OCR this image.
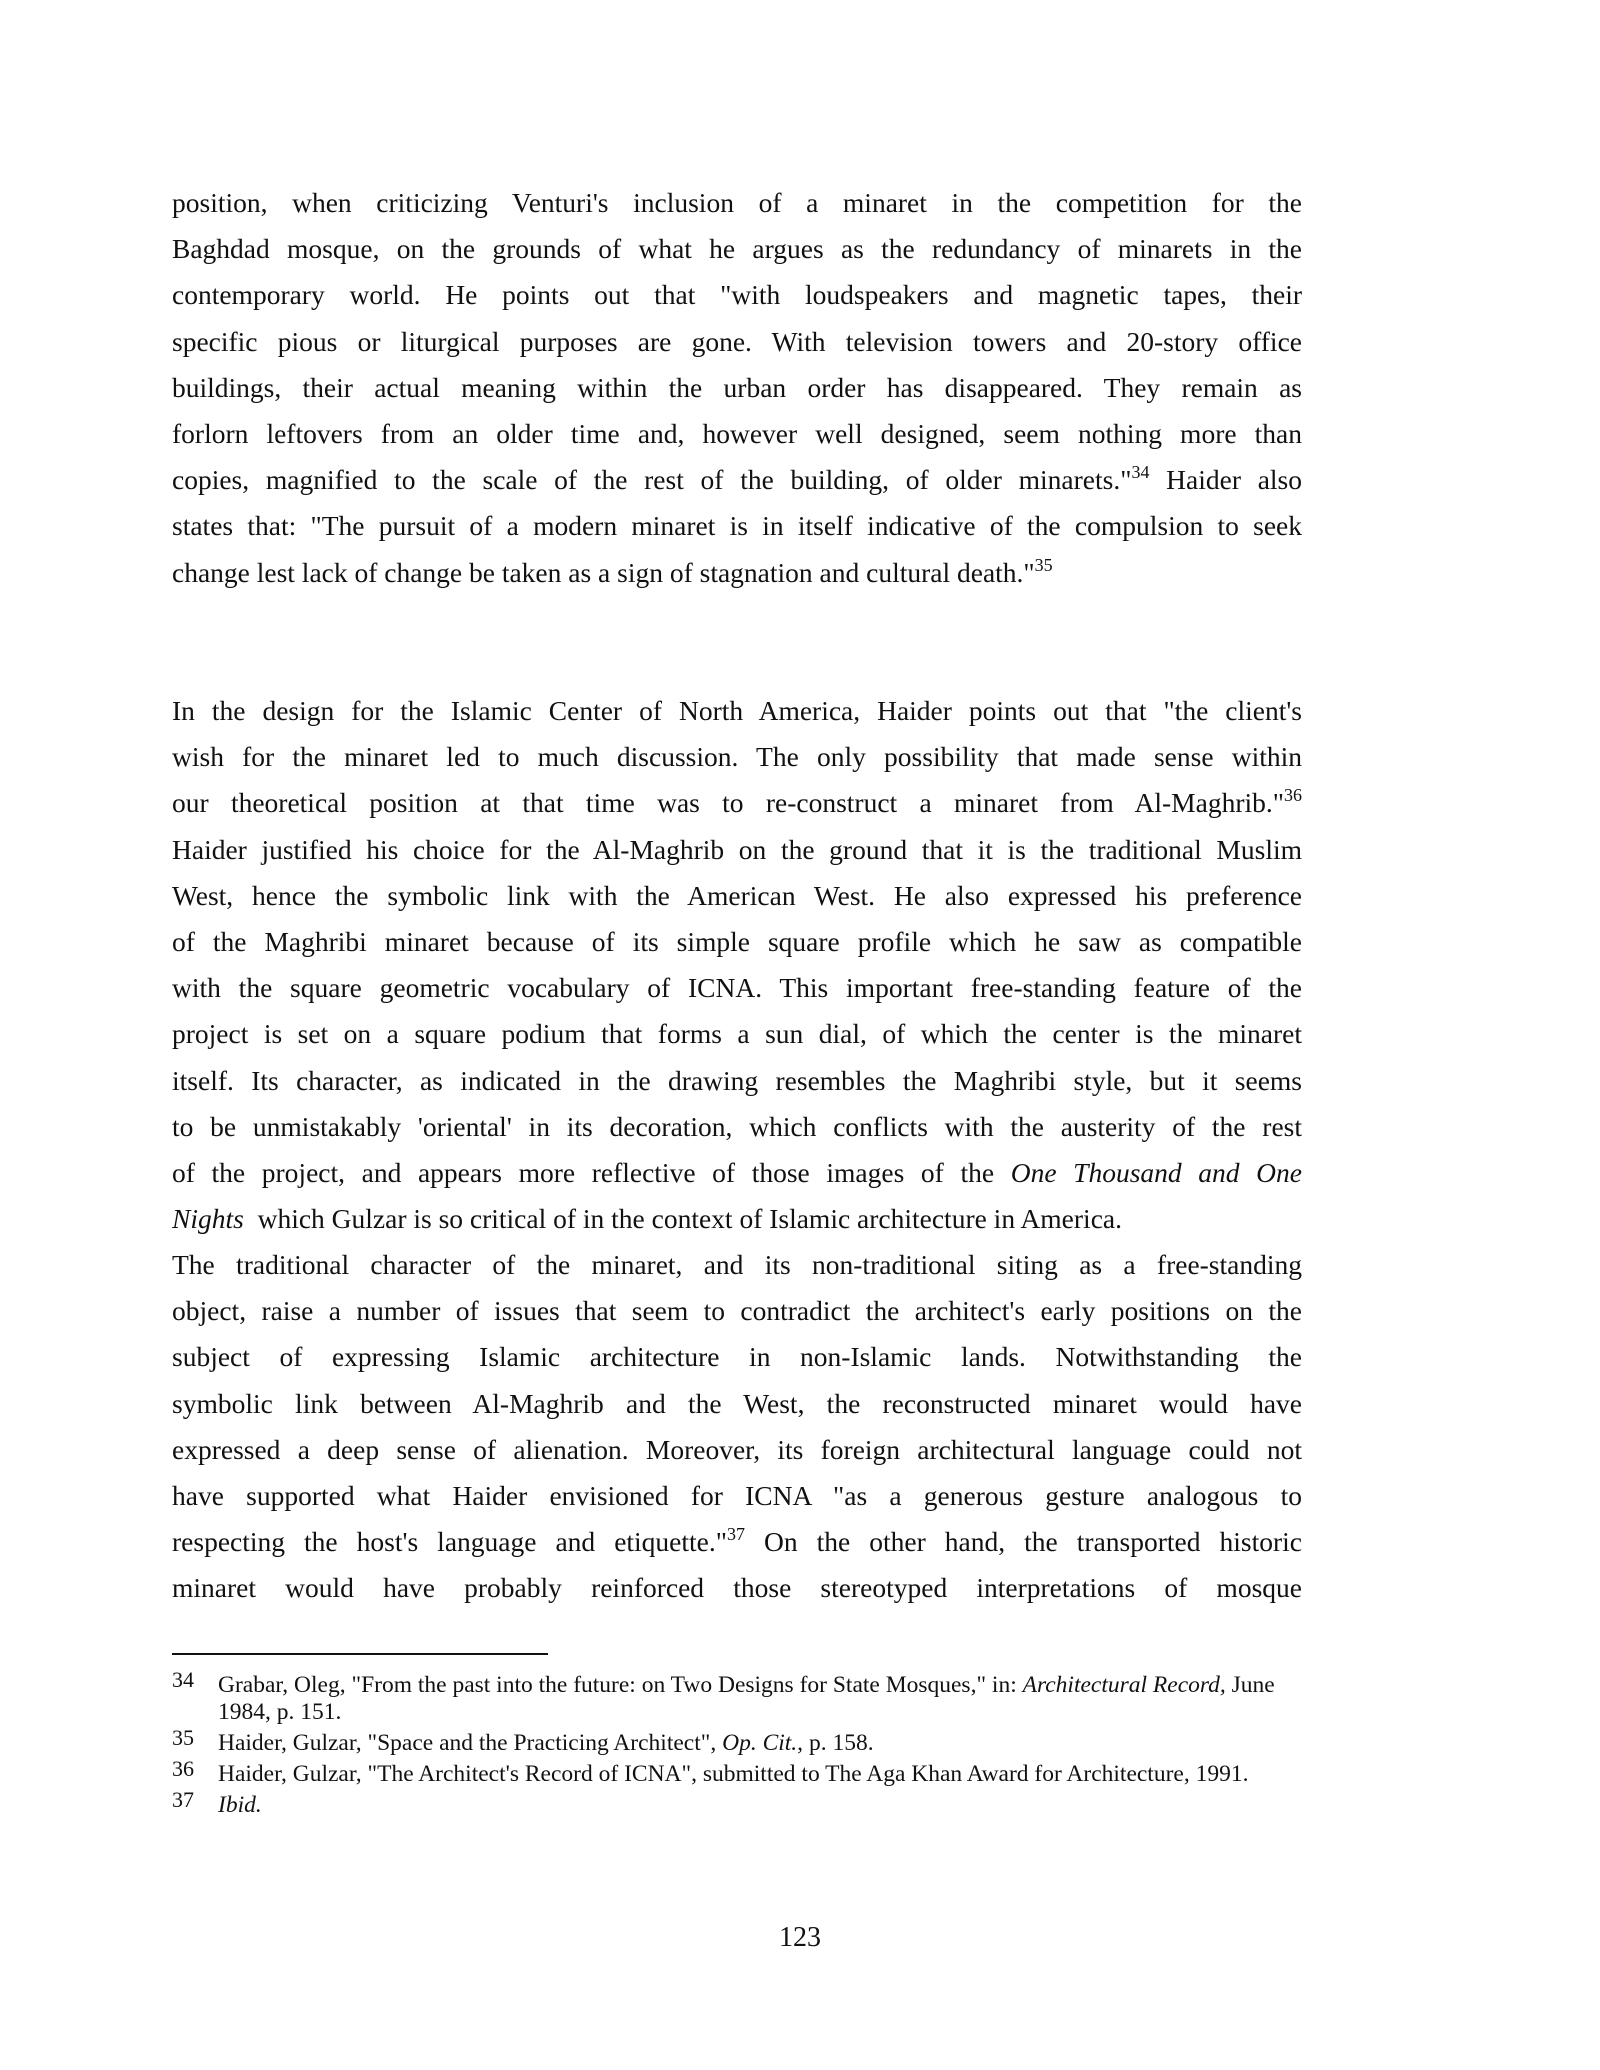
position, when criticizing Venturi's inclusion of a minaret in the competition for the
Baghdad mosque, on the grounds of what he argues as the redundancy of minarets in the
contemporary world. He points out that "with loudspeakers and magnetic tapes, their
specific pious or liturgical purposes are gone. With television towers and 20-story office
buildings, their actual meaning within the urban order has disappeared. They remain as
forlorn leftovers from an older time and, however well designed, seem nothing more than
copies, magnified to the scale of the rest of the building, of older minarets."$^{34}$ Haider also
states that: "The pursuit of a modern minaret is in itself indicative of the compulsion to seek
change lest lack of change be taken as a sign of stagnation and cultural death."$^{35}$
In the design for the Islamic Center of North America, Haider points out that "the client's
wish for the minaret led to much discussion. The only possibility that made sense within
our theoretical position at that time was to re-construct a minaret from Al-Maghrib."$^{36}$
Haider justified his choice for the Al-Maghrib on the ground that it is the traditional Muslim
West, hence the symbolic link with the American West. He also expressed his preference
of the Maghribi minaret because of its simple square profile which he saw as compatible
with the square geometric vocabulary of ICNA. This important free-standing feature of the
project is set on a square podium that forms a sun dial, of which the center is the minaret
itself. Its character, as indicated in the drawing resembles the Maghribi style, but it seems
to be unmistakably 'oriental' in its decoration, which conflicts with the austerity of the rest
of the project, and appears more reflective of those images of the One Thousand and One
Nights  which Gulzar is so critical of in the context of Islamic architecture in America.
The traditional character of the minaret, and its non-traditional siting as a free-standing
object, raise a number of issues that seem to contradict the architect's early positions on the
subject of expressing Islamic architecture in non-Islamic lands. Notwithstanding the
symbolic link between Al-Maghrib and the West, the reconstructed minaret would have
expressed a deep sense of alienation. Moreover, its foreign architectural language could not
have supported what Haider envisioned for ICNA "as a generous gesture analogous to
respecting the host's language and etiquette."$^{37}$ On the other hand, the transported historic
minaret would have probably reinforced those stereotyped interpretations of mosque
34 Grabar, Oleg, "From the past into the future: on Two Designs for State Mosques," in: Architectural Record, June 1984, p. 151.
35 Haider, Gulzar, "Space and the Practicing Architect", Op. Cit., p. 158.
36 Haider, Gulzar, "The Architect's Record of ICNA", submitted to The Aga Khan Award for Architecture, 1991.
37 Ibid.
123
